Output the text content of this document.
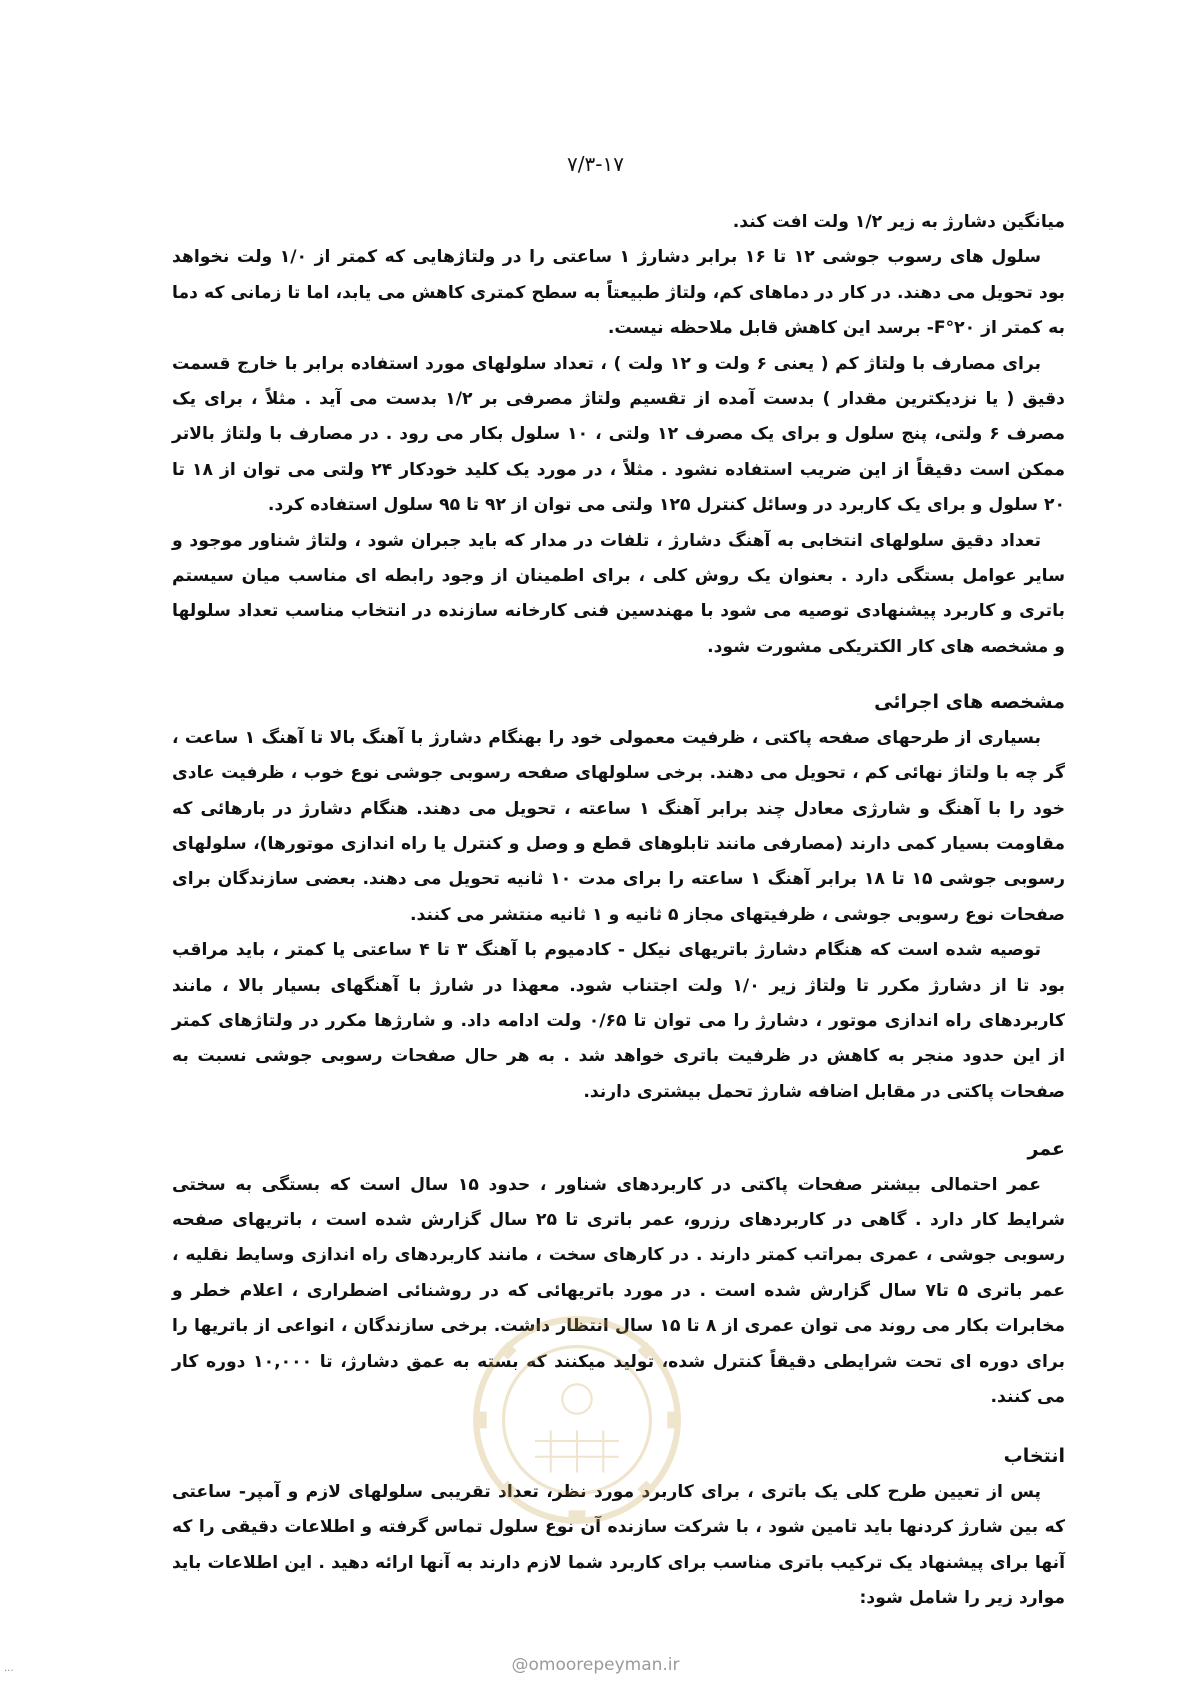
۷/۳-۱۷

میانگین دشارژ به زیر ۱/۲ ولت افت کند.

سلول های رسوب جوشی ۱۲ تا ۱۶ برابر دشارژ ۱ ساعتی را در ولتاژهایی که کمتر از ۱/۰ ولت نخواهد بود تحویل می دهند. در کار در دماهای کم، ولتاژ طبیعتاً به سطح کمتری کاهش می یابد، اما تا زمانی که دما به کمتر از ۲۰°F- برسد این کاهش قابل ملاحظه نیست.

برای مصارف با ولتاژ کم ( یعنی ۶ ولت و ۱۲ ولت ) ، تعداد سلولهای مورد استفاده برابر با خارج قسمت دقیق ( یا نزدیکترین مقدار ) بدست آمده از تقسیم ولتاژ مصرفی بر ۱/۲ بدست می آید . مثلاً ، برای یک مصرف ۶ ولتی، پنج سلول و برای یک مصرف ۱۲ ولتی ، ۱۰ سلول بکار می رود . در مصارف با ولتاژ بالاتر ممکن است دقیقاً از این ضریب استفاده نشود . مثلاً ، در مورد یک کلید خودکار ۲۴ ولتی می توان از ۱۸ تا ۲۰ سلول و برای یک کاربرد در وسائل کنترل ۱۲۵ ولتی می توان از ۹۲ تا ۹۵ سلول استفاده کرد.

تعداد دقیق سلولهای انتخابی به آهنگ دشارژ ، تلفات در مدار که باید جبران شود ، ولتاژ شناور موجود و سایر عوامل بستگی دارد . بعنوان یک روش کلی ، برای اطمینان از وجود رابطه ای مناسب میان سیستم باتری و کاربرد پیشنهادی توصیه می شود با مهندسین فنی کارخانه سازنده در انتخاب مناسب تعداد سلولها و مشخصه های کار الکتریکی مشورت شود.

مشخصه های اجرائی

بسیاری از طرحهای صفحه پاکتی ، ظرفیت معمولی خود را بهنگام دشارژ با آهنگ بالا تا آهنگ ۱ ساعت ، گر چه با ولتاژ نهائی کم ، تحویل می دهند. برخی سلولهای صفحه رسوبی جوشی نوع خوب ، ظرفیت عادی خود را با آهنگ و شارژی معادل چند برابر آهنگ ۱ ساعته ، تحویل می دهند. هنگام دشارژ در بارهائی که مقاومت بسیار کمی دارند (مصارفی مانند تابلوهای قطع و وصل و کنترل یا راه اندازی موتورها)، سلولهای رسوبی جوشی ۱۵ تا ۱۸ برابر آهنگ ۱ ساعته را برای مدت ۱۰ ثانیه تحویل می دهند. بعضی سازندگان برای صفحات نوع رسوبی جوشی ، ظرفیتهای مجاز ۵ ثانیه و ۱ ثانیه منتشر می کنند.

توصیه شده است که هنگام دشارژ باتریهای نیکل - کادمیوم با آهنگ ۳ تا ۴ ساعتی یا کمتر ، باید مراقب بود تا از دشارژ مکرر تا ولتاژ زیر ۱/۰ ولت اجتناب شود. معهذا در شارژ با آهنگهای بسیار بالا ، مانند کاربردهای راه اندازی موتور ، دشارژ را می توان تا ۰/۶۵ ولت ادامه داد. و شارژها مکرر در ولتاژهای کمتر از این حدود منجر به کاهش در ظرفیت باتری خواهد شد . به هر حال صفحات رسوبی جوشی نسبت به صفحات پاکتی در مقابل اضافه شارژ تحمل بیشتری دارند.

عمر

عمر احتمالی بیشتر صفحات پاکتی در کاربردهای شناور ، حدود ۱۵ سال است که بستگی به سختی شرایط کار دارد . گاهی در کاربردهای رزرو، عمر باتری تا ۲۵ سال گزارش شده است ، باتریهای صفحه رسوبی جوشی ، عمری بمراتب کمتر دارند . در کارهای سخت ، مانند کاربردهای راه اندازی وسایط نقلیه ، عمر باتری ۵ تا۷ سال گزارش شده است . در مورد باتریهائی که در روشنائی اضطراری ، اعلام خطر و مخابرات بکار می روند می توان عمری از ۸ تا ۱۵ سال انتظار داشت. برخی سازندگان ، انواعی از باتریها را برای دوره ای تحت شرایطی دقیقاً کنترل شده، تولید میکنند که بسته به عمق دشارژ، تا ۱۰,۰۰۰ دوره کار می کنند.

انتخاب

پس از تعیین طرح کلی یک باتری ، برای کاربرد مورد نظر، تعداد تقریبی سلولهای لازم و آمپر- ساعتی که بین شارژ کردنها باید تامین شود ، با شرکت سازنده آن نوع سلول تماس گرفته و اطلاعات دقیقی را که آنها برای پیشنهاد یک ترکیب باتری مناسب برای کاربرد شما لازم دارند به آنها ارائه دهید . این اطلاعات باید موارد زیر را شامل شود:

@omoorepeyman.ir
...
